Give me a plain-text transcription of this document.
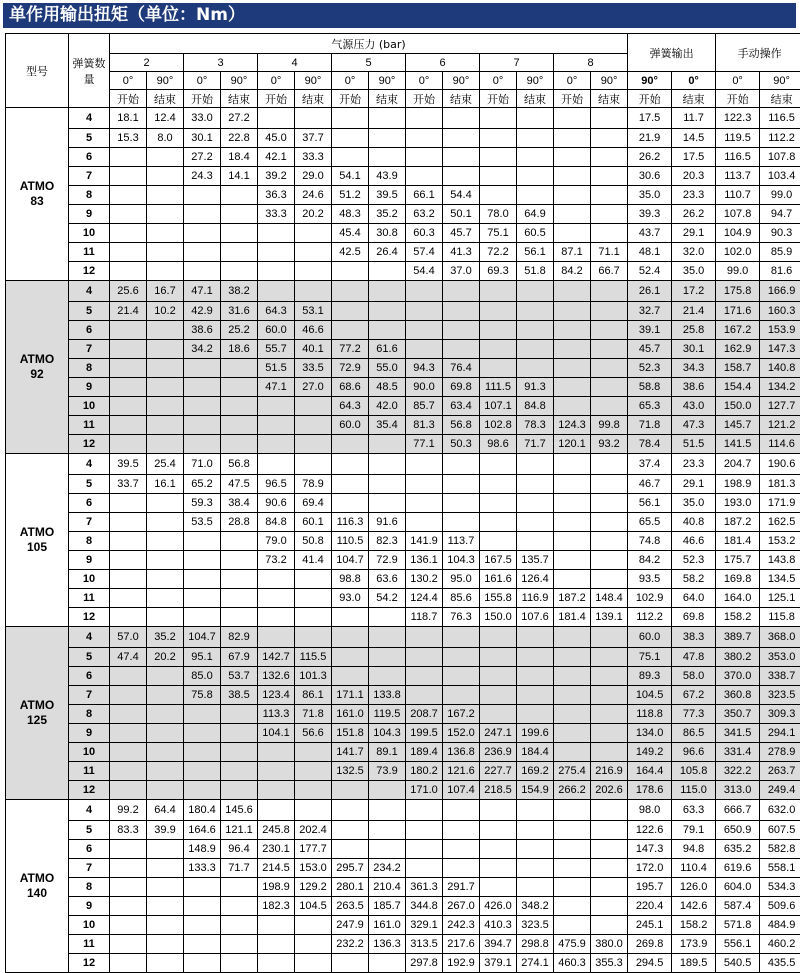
单作用输出扭矩（单位：Nm）
型号	弹簧数量	气源压力 (bar)														弹簧输出		手动操作	
		2		3		4		5		6		7		8					
		0°	90°	0°	90°	0°	90°	0°	90°	0°	90°	0°	90°	0°	90°	90°	0°	0°	90°
		开始	结束	开始	结束	开始	结束	开始	结束	开始	结束	开始	结束	开始	结束	开始	结束	开始	结束
ATMO
83	4	18.1	12.4	33.0	27.2											17.5	11.7	122.3	116.5
	5	15.3	8.0	30.1	22.8	45.0	37.7									21.9	14.5	119.5	112.2
	6			27.2	18.4	42.1	33.3									26.2	17.5	116.5	107.8
	7			24.3	14.1	39.2	29.0	54.1	43.9							30.6	20.3	113.7	103.4
	8					36.3	24.6	51.2	39.5	66.1	54.4					35.0	23.3	110.7	99.0
	9					33.3	20.2	48.3	35.2	63.2	50.1	78.0	64.9			39.3	26.2	107.8	94.7
	10							45.4	30.8	60.3	45.7	75.1	60.5			43.7	29.1	104.9	90.3
	11							42.5	26.4	57.4	41.3	72.2	56.1	87.1	71.1	48.1	32.0	102.0	85.9
	12									54.4	37.0	69.3	51.8	84.2	66.7	52.4	35.0	99.0	81.6
ATMO
92	4	25.6	16.7	47.1	38.2											26.1	17.2	175.8	166.9
	5	21.4	10.2	42.9	31.6	64.3	53.1									32.7	21.4	171.6	160.3
	6			38.6	25.2	60.0	46.6									39.1	25.8	167.2	153.9
	7			34.2	18.6	55.7	40.1	77.2	61.6							45.7	30.1	162.9	147.3
	8					51.5	33.5	72.9	55.0	94.3	76.4					52.3	34.3	158.7	140.8
	9					47.1	27.0	68.6	48.5	90.0	69.8	111.5	91.3			58.8	38.6	154.4	134.2
	10							64.3	42.0	85.7	63.4	107.1	84.8			65.3	43.0	150.0	127.7
	11							60.0	35.4	81.3	56.8	102.8	78.3	124.3	99.8	71.8	47.3	145.7	121.2
	12									77.1	50.3	98.6	71.7	120.1	93.2	78.4	51.5	141.5	114.6
ATMO
105	4	39.5	25.4	71.0	56.8											37.4	23.3	204.7	190.6
	5	33.7	16.1	65.2	47.5	96.5	78.9									46.7	29.1	198.9	181.3
	6			59.3	38.4	90.6	69.4									56.1	35.0	193.0	171.9
	7			53.5	28.8	84.8	60.1	116.3	91.6							65.5	40.8	187.2	162.5
	8					79.0	50.8	110.5	82.3	141.9	113.7					74.8	46.6	181.4	153.2
	9					73.2	41.4	104.7	72.9	136.1	104.3	167.5	135.7			84.2	52.3	175.7	143.8
	10							98.8	63.6	130.2	95.0	161.6	126.4			93.5	58.2	169.8	134.5
	11							93.0	54.2	124.4	85.6	155.8	116.9	187.2	148.4	102.9	64.0	164.0	125.1
	12									118.7	76.3	150.0	107.6	181.4	139.1	112.2	69.8	158.2	115.8
ATMO
125	4	57.0	35.2	104.7	82.9											60.0	38.3	389.7	368.0
	5	47.4	20.2	95.1	67.9	142.7	115.5									75.1	47.8	380.2	353.0
	6			85.0	53.7	132.6	101.3									89.3	58.0	370.0	338.7
	7			75.8	38.5	123.4	86.1	171.1	133.8							104.5	67.2	360.8	323.5
	8					113.3	71.8	161.0	119.5	208.7	167.2					118.8	77.3	350.7	309.3
	9					104.1	56.6	151.8	104.3	199.5	152.0	247.1	199.6			134.0	86.5	341.5	294.1
	10							141.7	89.1	189.4	136.8	236.9	184.4			149.2	96.6	331.4	278.9
	11							132.5	73.9	180.2	121.6	227.7	169.2	275.4	216.9	164.4	105.8	322.2	263.7
	12									171.0	107.4	218.5	154.9	266.2	202.6	178.6	115.0	313.0	249.4
ATMO
140	4	99.2	64.4	180.4	145.6											98.0	63.3	666.7	632.0
	5	83.3	39.9	164.6	121.1	245.8	202.4									122.6	79.1	650.9	607.5
	6			148.9	96.4	230.1	177.7									147.3	94.8	635.2	582.8
	7			133.3	71.7	214.5	153.0	295.7	234.2							172.0	110.4	619.6	558.1
	8					198.9	129.2	280.1	210.4	361.3	291.7					195.7	126.0	604.0	534.3
	9					182.3	104.5	263.5	185.7	344.8	267.0	426.0	348.2			220.4	142.6	587.4	509.6
	10							247.9	161.0	329.1	242.3	410.3	323.5			245.1	158.2	571.8	484.9
	11							232.2	136.3	313.5	217.6	394.7	298.8	475.9	380.0	269.8	173.9	556.1	460.2
	12									297.8	192.9	379.1	274.1	460.3	355.3	294.5	189.5	540.5	435.5
